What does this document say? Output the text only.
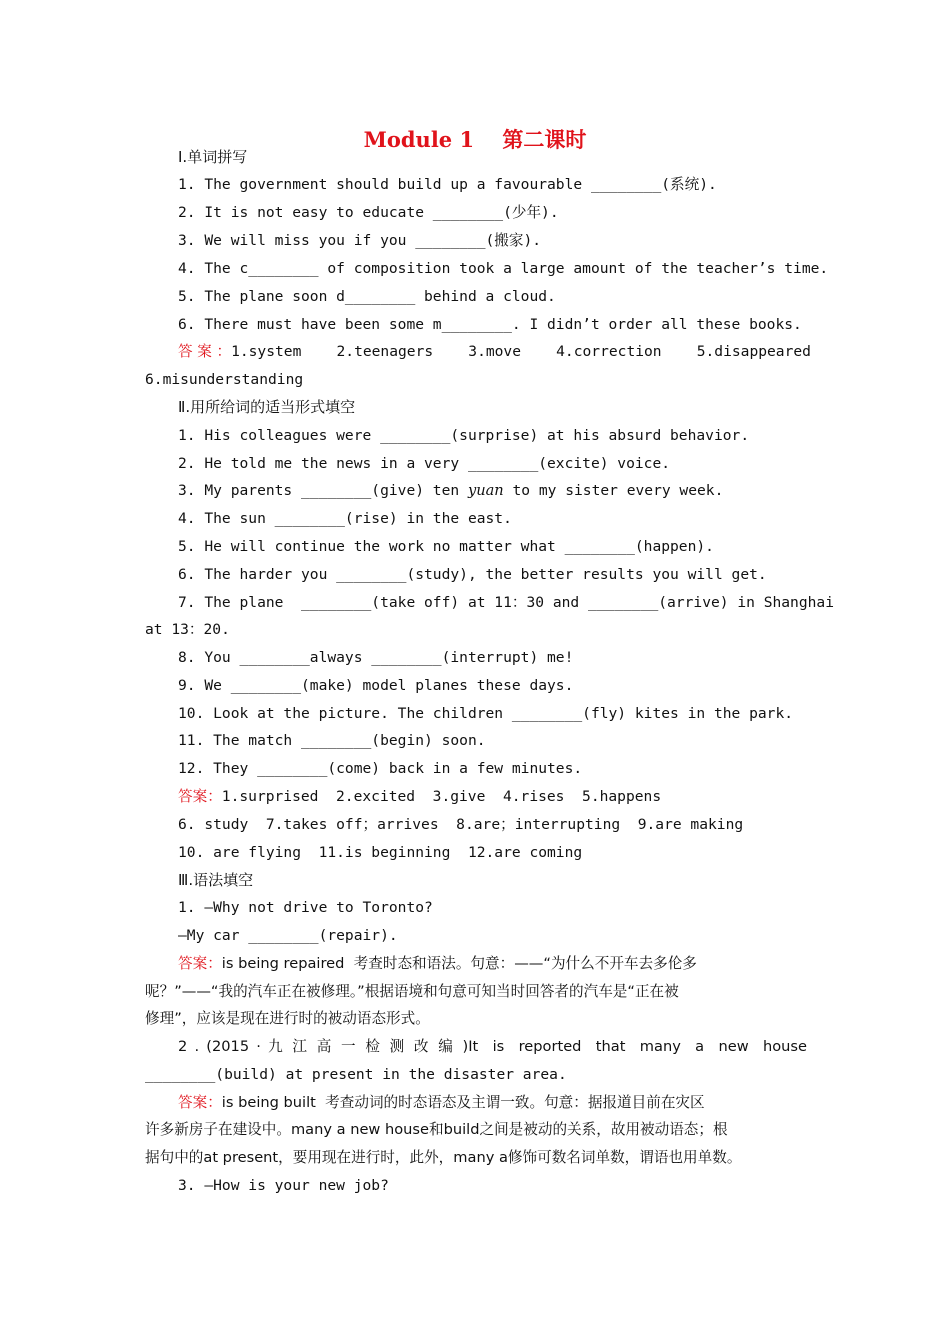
Module 1　 第二课时
Ⅰ.单词拼写
1. The government should build up a favourable ________(系统).
2. It is not easy to educate ________(少年).
3. We will miss you if you ________(搬家).
4. The c________ of composition took a large amount of the teacher’s time.
5. The plane soon d________ behind a cloud.
6. There must have been some m________. I didn’t order all these books.
答 案 ：1.system    2.teenagers    3.move    4.correction    5.disappeared
6.misunderstanding
Ⅱ.用所给词的适当形式填空
1. His colleagues were ________(surprise) at his absurd behavior.
2. He told me the news in a very ________(excite) voice.
3. My parents ________(give) ten yuan to my sister every week.
4. The sun ________(rise) in the east.
5. He will continue the work no matter what ________(happen).
6. The harder you ________(study), the better results you will get.
7. The plane  ________(take off) at 11：30 and ________(arrive) in Shanghai
at 13：20.
8. You ________always ________(interrupt) me!
9. We ________(make) model planes these days.
10. Look at the picture. The children ________(fly) kites in the park.
11. The match ________(begin) soon.
12. They ________(come) back in a few minutes.
答案：1.surprised  2.excited  3.give  4.rises  5.happens
6. study  7.takes off；arrives  8.are；interrupting  9.are making
10. are flying  11.is beginning  12.are coming
Ⅲ.语法填空
1. —Why not drive to Toronto?
—My car ________(repair).
答案：is being repaired  考查时态和语法。句意：——“为什么不开车去多伦多
呢？”——“我的汽车正在被修理。”根据语境和句意可知当时回答者的汽车是“正在被
修理”，应该是现在进行时的被动语态形式。
2 . (2015 · 九 江 高 一 检 测 改 编 )It  is  reported  that  many  a  new  house
________(build) at present in the disaster area.
答案：is being built  考查动词的时态语态及主谓一致。句意：据报道目前在灾区
许多新房子在建设中。many a new house和build之间是被动的关系，故用被动语态；根
据句中的at present，要用现在进行时，此外，many a修饰可数名词单数，谓语也用单数。
3. —How is your new job?
